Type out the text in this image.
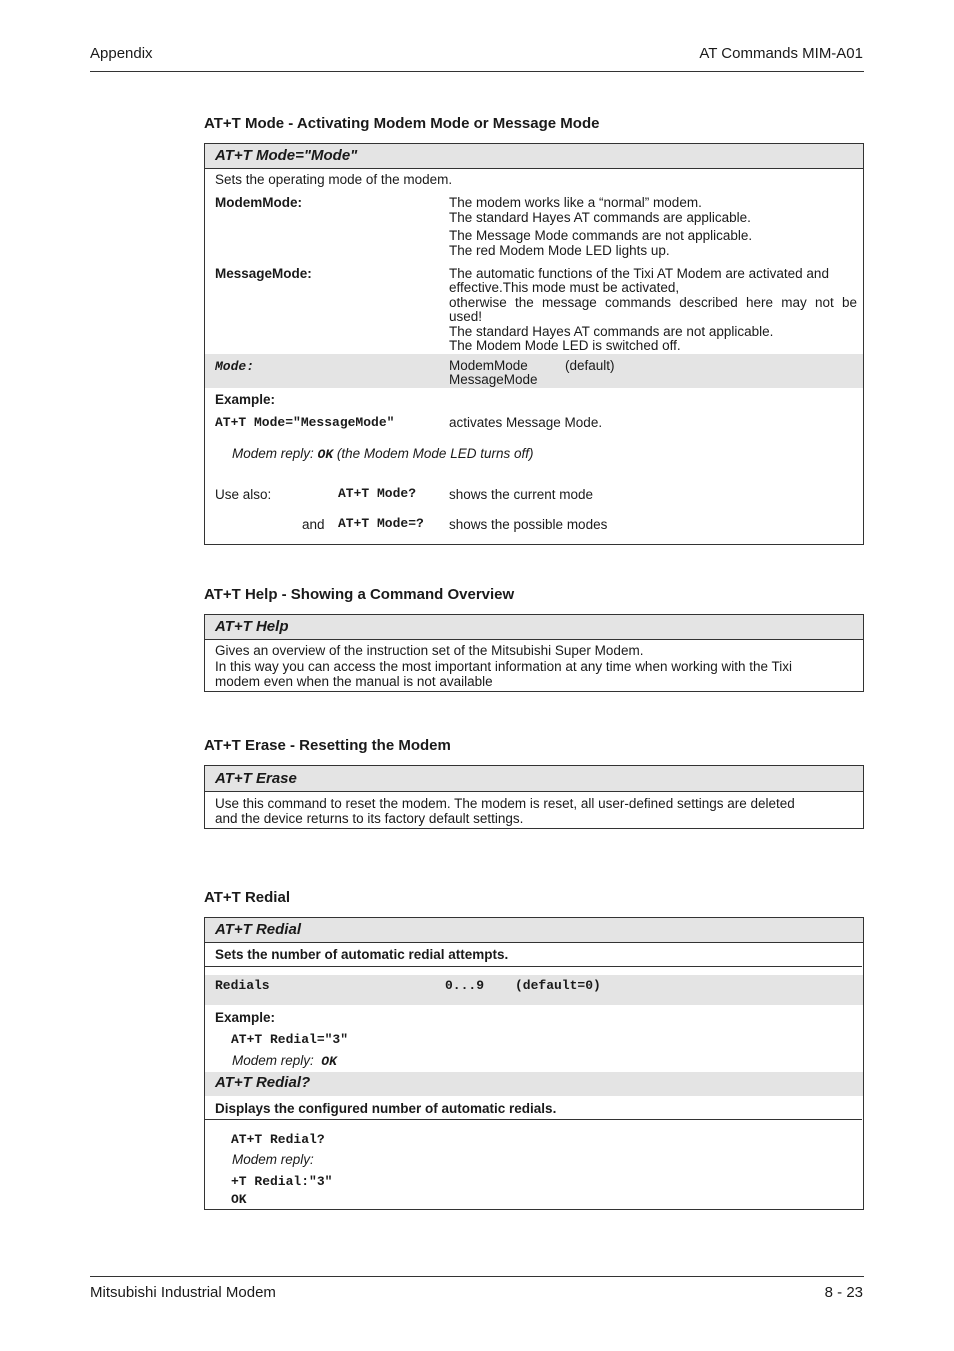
Appendix	AT Commands MIM-A01
AT+T Mode - Activating Modem Mode or Message Mode
AT+T Mode="Mode"
Sets the operating mode of the modem.
ModemMode:	The modem works like a “normal” modem.
The standard Hayes AT commands are applicable.
The Message Mode commands are not applicable.
The red Modem Mode LED lights up.
MessageMode:	The automatic functions of the Tixi AT Modem are activated and
effective.This mode must be activated,
otherwise the message commands described here may not be
used!
The standard Hayes AT commands are not applicable.
The Modem Mode LED is switched off.
Mode:	ModemMode	(default)
MessageMode
Example:
AT+T Mode="MessageMode"	activates Message Mode.
Modem reply: OK (the Modem Mode LED turns off)
Use also:	AT+T Mode? shows the current mode
and AT+T Mode=? shows the possible modes
AT+T Help - Showing a Command Overview
AT+T Help
Gives an overview of the instruction set of the Mitsubishi Super Modem.
In this way you can access the most important information at any time when working with the Tixi
modem even when the manual is not available
AT+T Erase - Resetting the Modem
AT+T Erase
Use this command to reset the modem. The modem is reset, all user-defined settings are deleted
and the device returns to its factory default settings.
AT+T Redial
AT+T Redial
Sets the number of automatic redial attempts.
Redials	0...9 (default=0)
Example:
AT+T Redial="3"
Modem reply: OK
AT+T Redial?
Displays the configured number of automatic redials.
AT+T Redial?
Modem reply:
+T Redial:"3"
OK
Mitsubishi Industrial Modem	8 - 23
